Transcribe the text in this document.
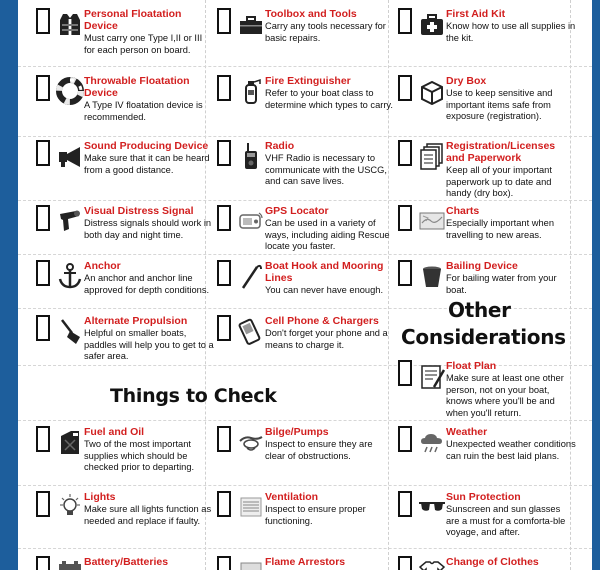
Personal Floatation Device
Must carry one Type I,II or III for each person on board.
Throwable Floatation Device
A Type IV floatation device is recommended.
Sound Producing Device
Make sure that it can be heard from a good distance.
Visual Distress Signal
Distress signals should work in both day and night time.
Anchor
An anchor and anchor line approved for depth conditions.
Alternate Propulsion
Helpful on smaller boats, paddles will help you to get to a safer area.
Toolbox and Tools
Carry any tools necessary for basic repairs.
Fire Extinguisher
Refer to your boat class to determine which types to carry.
Radio
VHF Radio is necessary to communicate with the USCG, and can save lives.
GPS Locator
Can be used in a variety of ways, including aiding Rescue locate you faster.
Boat Hook and Mooring Lines
You can never have enough.
Cell Phone & Chargers
Don't forget your phone and a means to charge it.
First Aid Kit
Know how to use all supplies in the kit.
Dry Box
Use to keep sensitive and important items safe from exposure (registration).
Registration/Licenses and Paperwork
Keep all of your important paperwork up to date and handy (dry box).
Charts
Especially important when travelling to new areas.
Bailing Device
For bailing water from your boat.
Other
Considerations
Float Plan
Make sure at least one other person, not on your boat, knows where you'll be and when you'll return.
Weather
Unexpected weather conditions can ruin the best laid plans.
Sun Protection
Sunscreen and sun glasses are a must for a comforta-ble voyage, and after.
Change of Clothes
Things to Check
Fuel and Oil
Two of the most important supplies which should be checked prior to departing.
Bilge/Pumps
Inspect to ensure they are clear of obstructions.
Lights
Make sure all lights function as needed and replace if faulty.
Ventilation
Inspect to ensure proper functioning.
Battery/Batteries	Flame Arrestors
